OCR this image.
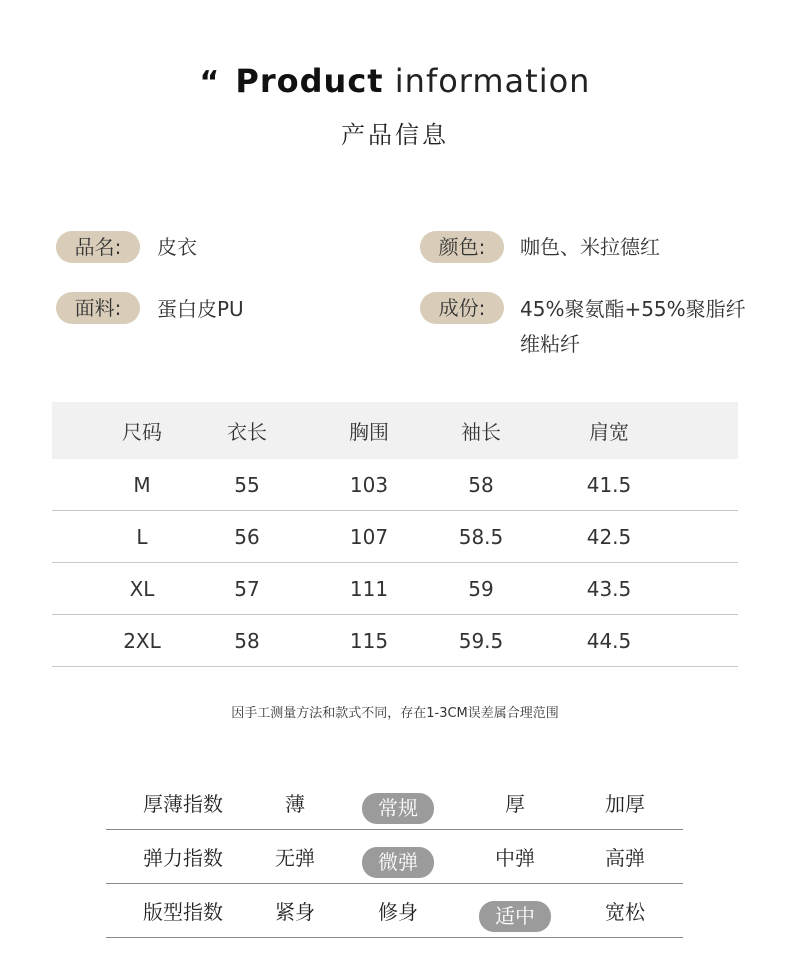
“ Product information
产品信息
品名:	皮衣	颜色:	咖色、米拉德红
面料:	蛋白皮PU	成份:	45%聚氨酯+55%聚脂纤
维粘纤
尺码	衣长	胸围	袖长	肩宽
M	55	103	58	41.5
L	56	107	58.5	42.5
XL	57	111	59	43.5
2XL	58	115	59.5	44.5
因手工测量方法和款式不同，存在1-3CM误差属合理范围
厚薄指数	薄	常规	厚	加厚
弹力指数	无弹	微弹	中弹	高弹
版型指数	紧身	修身	适中	宽松
